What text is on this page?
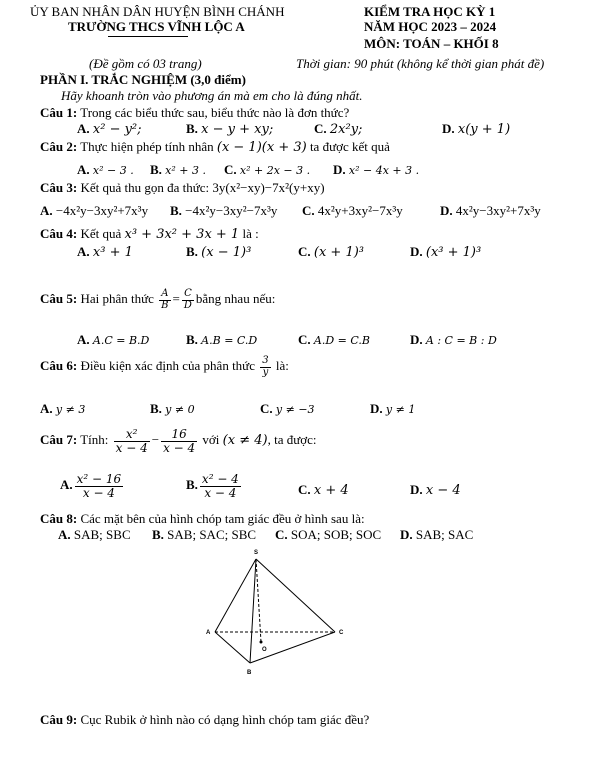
ỦY BAN NHÂN DÂN HUYỆN BÌNH CHÁNH
TRƯỜNG THCS VĨNH LỘC A
KIỂM TRA HỌC KỲ 1
NĂM HỌC 2023 – 2024
MÔN: TOÁN – KHỐI 8
(Đề gồm có 03 trang)	Thời gian: 90 phút (không kể thời gian phát đề)
PHẦN I. TRẮC NGHIỆM (3,0 điểm)
Hãy khoanh tròn vào phương án mà em cho là đúng nhất.
Câu 1: Trong các biểu thức sau, biểu thức nào là đơn thức?
A. x² − y²;	B. x − y + xy;	C. 2x²y;	D. x(y + 1)
Câu 2: Thực hiện phép tính nhân (x − 1)(x + 3) ta được kết quả
A. x² − 3 . B. x² + 3 . C. x² + 2x − 3 . D. x² − 4x + 3 .
Câu 3: Kết quả thu gọn đa thức: 3y(x²−xy)−7x²(y+xy)
A. −4x²y−3xy²+7x³y B. −4x²y−3xy²−7x³y C. 4x²y+3xy²−7x³y	D. 4x²y−3xy²+7x³y
Câu 4: Kết quả x³ + 3x² + 3x + 1 là :
A. x³ + 1	B. (x − 1)³	C. (x + 1)³	D. (x³ + 1)³
Câu 5: Hai phân thức $\frac{A}{B} = \frac{C}{D}$ bằng nhau nếu:
A. A.C = B.D	B. A.B = C.D	C. A.D = C.B	D. A : C = B : D
Câu 6: Điều kiện xác định của phân thức $\frac{3}{y}$ là:
A. y ≠ 3	B. y ≠ 0	C. y ≠ −3	D. y ≠ 1
Câu 7: Tính: $\frac{\text{x²}}{x - 4} - \frac{16}{x - 4}$ với (x ≠ 4), ta được:
A. $\frac{\text{x² − 16}}{x - 4}$	B. $\frac{\text{x² − 4}}{x - 4}$	C. x + 4	D. x − 4
Câu 8: Các mặt bên của hình chóp tam giác đều ở hình sau là:
A. SAB; SBC B. SAB; SAC; SBC C. SOA; SOB; SOC D. SAB; SAC
S
A	C
B
O
Câu 9: Cục Rubik ở hình nào có dạng hình chóp tam giác đều?
